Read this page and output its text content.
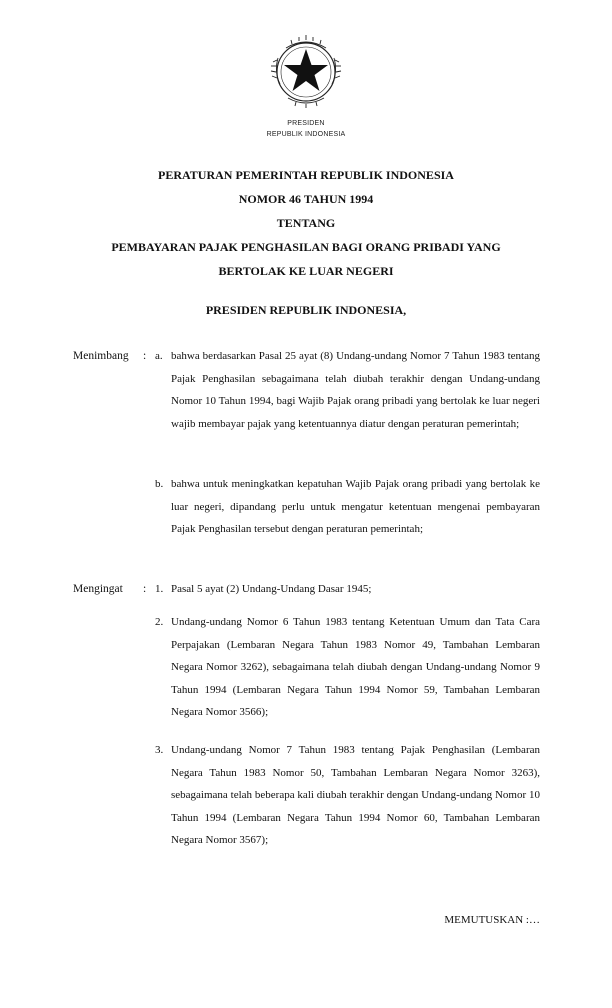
PRESIDEN
REPUBLIK INDONESIA
PERATURAN PEMERINTAH REPUBLIK INDONESIA
NOMOR 46 TAHUN 1994
TENTANG
PEMBAYARAN PAJAK PENGHASILAN BAGI ORANG PRIBADI YANG
BERTOLAK KE LUAR NEGERI
PRESIDEN REPUBLIK INDONESIA,
Menimbang : a. bahwa berdasarkan Pasal 25 ayat (8) Undang-undang Nomor 7 Tahun 1983 tentang Pajak Penghasilan sebagaimana telah diubah terakhir dengan Undang-undang Nomor 10 Tahun 1994, bagi Wajib Pajak orang pribadi yang bertolak ke luar negeri wajib membayar pajak yang ketentuannya diatur dengan peraturan pemerintah;
b. bahwa untuk meningkatkan kepatuhan Wajib Pajak orang pribadi yang bertolak ke luar negeri, dipandang perlu untuk mengatur ketentuan mengenai pembayaran Pajak Penghasilan tersebut dengan peraturan pemerintah;
Mengingat : 1. Pasal 5 ayat (2) Undang-Undang Dasar 1945;
2. Undang-undang Nomor 6 Tahun 1983 tentang Ketentuan Umum dan Tata Cara Perpajakan (Lembaran Negara Tahun 1983 Nomor 49, Tambahan Lembaran Negara Nomor 3262), sebagaimana telah diubah dengan Undang-undang Nomor 9 Tahun 1994 (Lembaran Negara Tahun 1994 Nomor 59, Tambahan Lembaran Negara Nomor 3566);
3. Undang-undang Nomor 7 Tahun 1983 tentang Pajak Penghasilan (Lembaran Negara Tahun 1983 Nomor 50, Tambahan Lembaran Negara Nomor 3263), sebagaimana telah beberapa kali diubah terakhir dengan Undang-undang Nomor 10 Tahun 1994 (Lembaran Negara Tahun 1994 Nomor 60, Tambahan Lembaran Negara Nomor 3567);
MEMUTUSKAN :…
